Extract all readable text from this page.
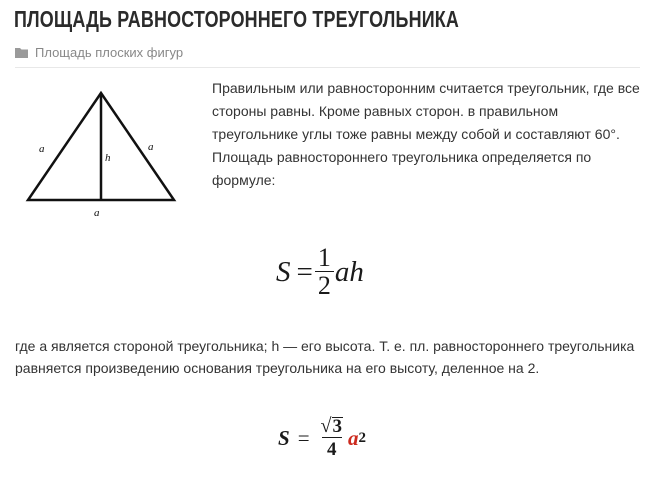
ПЛОЩАДЬ РАВНОСТОРОННЕГО ТРЕУГОЛЬНИКА
Площадь плоских фигур
a	a
h
a

Правильным или равносторонним считается треугольник, где все стороны равны. Кроме равных сторон. в правильном треугольнике углы тоже равны между собой и составляют 60°. Площадь равностороннего треугольника определяется по формуле:

$S = \frac{1}{2}$ ah

где а является стороной треугольника; h — его высота. Т. е. пл. равностороннего треугольника равняется произведению основания треугольника на его высоту, деленное на 2.

$S = \frac{√ 3}{4}$ a 2
